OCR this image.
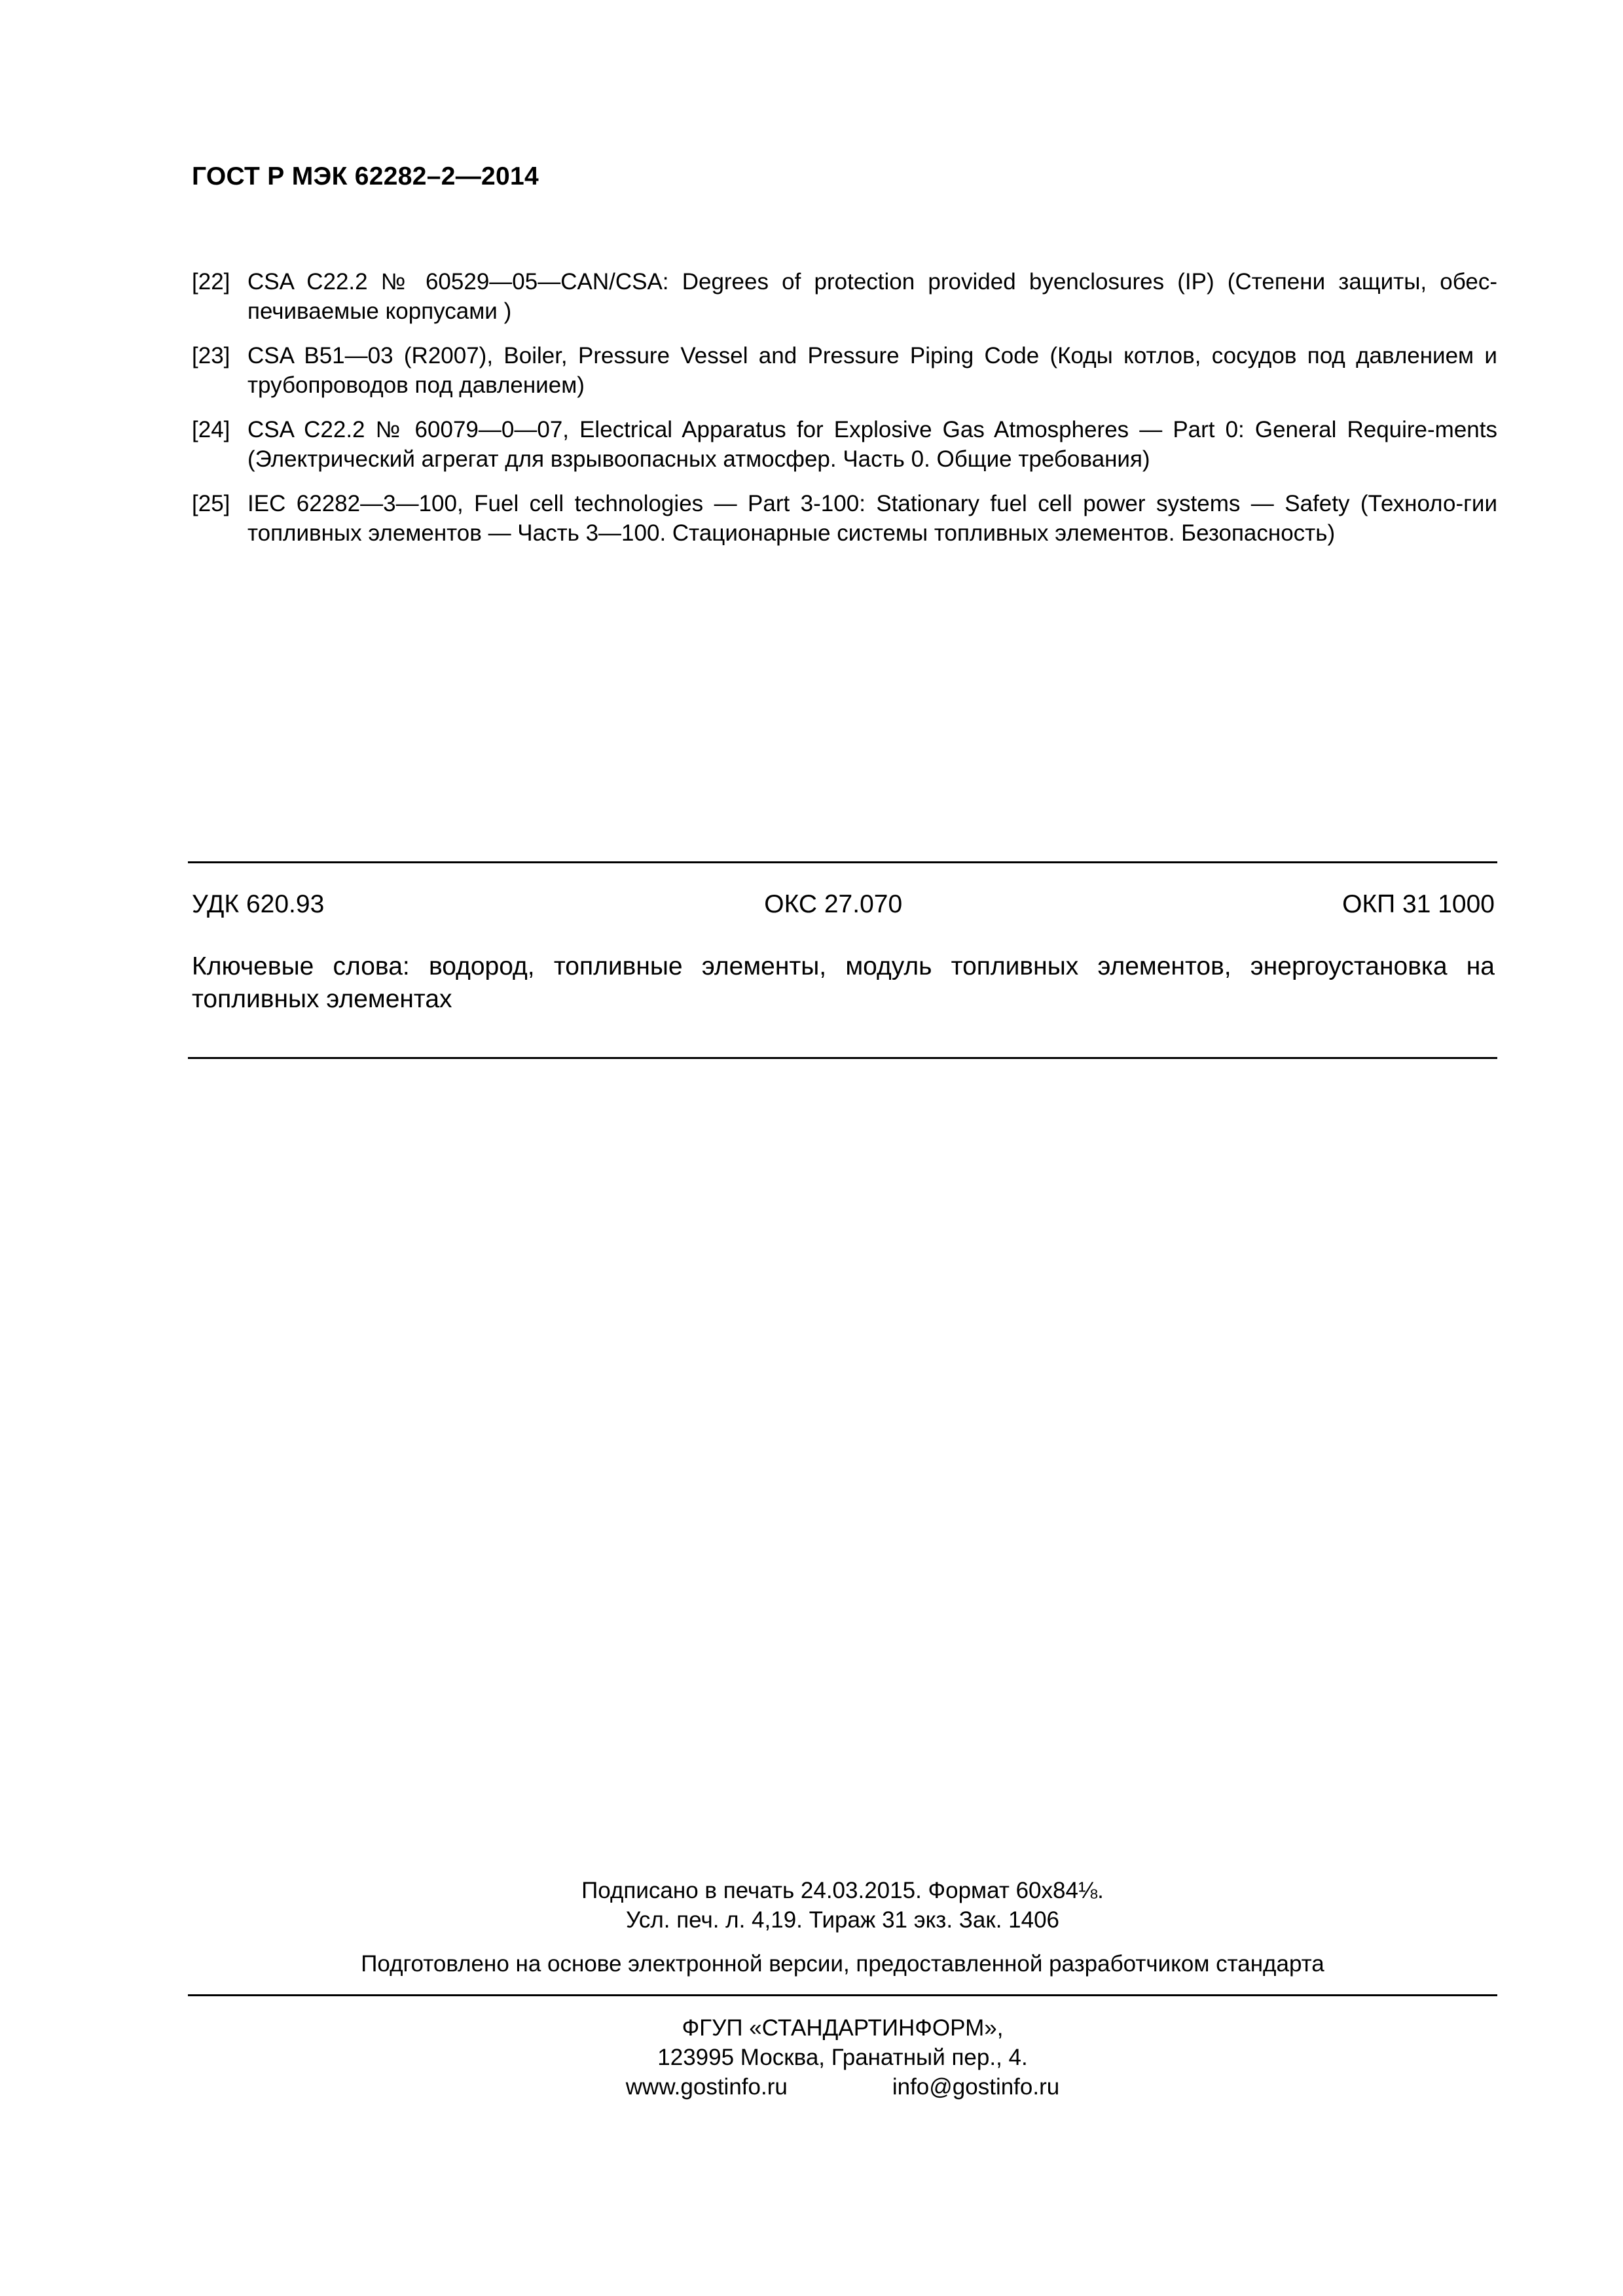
ГОСТ Р МЭК 62282–2—2014
[22] CSA C22.2 № 60529—05—CAN/CSA: Degrees of protection provided byenclosures (IP) (Степени защиты, обес-печиваемые корпусами )
[23] CSA B51—03 (R2007), Boiler, Pressure Vessel and Pressure Piping Code (Коды котлов, сосудов под давлением и трубопроводов под давлением)
[24] CSA C22.2 № 60079—0—07, Electrical Apparatus for Explosive Gas Atmospheres — Part 0: General Require-ments (Электрический агрегат для взрывоопасных атмосфер. Часть 0. Общие требования)
[25] IEC 62282—3—100, Fuel cell technologies — Part 3-100: Stationary fuel cell power systems — Safety (Техноло-гии топливных элементов — Часть 3—100. Стационарные системы топливных элементов. Безопасность)
УДК 620.93	ОКС 27.070	ОКП 31 1000
Ключевые слова: водород, топливные элементы, модуль топливных элементов, энергоустановка на топливных элементах
Подписано в печать 24.03.2015. Формат 60x84⅛.
Усл. печ. л. 4,19. Тираж 31 экз. Зак. 1406
Подготовлено на основе электронной версии, предоставленной разработчиком стандарта
ФГУП «СТАНДАРТИНФОРМ»,
123995 Москва, Гранатный пер., 4.
www.gostinfo.ru	info@gostinfo.ru
